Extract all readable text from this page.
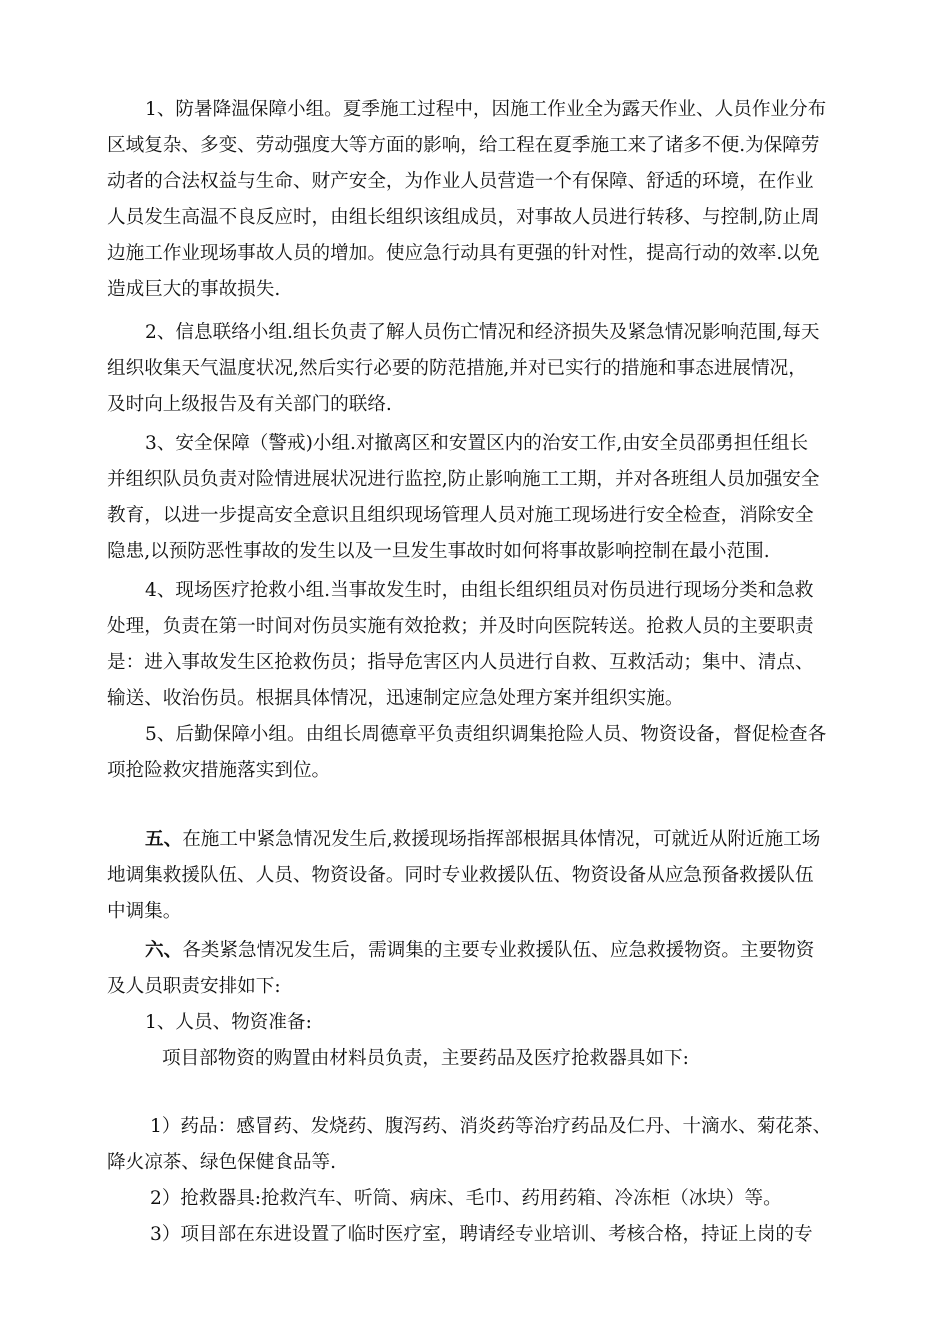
1、防暑降温保障小组。夏季施工过程中，因施工作业全为露天作业、人员作业分布
区域复杂、多变、劳动强度大等方面的影响，给工程在夏季施工来了诸多不便.为保障劳
动者的合法权益与生命、财产安全，为作业人员营造一个有保障、舒适的环境，在作业
人员发生高温不良反应时，由组长组织该组成员，对事故人员进行转移、与控制,防止周
边施工作业现场事故人员的增加。使应急行动具有更强的针对性，提高行动的效率.以免
造成巨大的事故损失.
2、信息联络小组.组长负责了解人员伤亡情况和经济损失及紧急情况影响范围,每天
组织收集天气温度状况,然后实行必要的防范措施,并对已实行的措施和事态进展情况，
及时向上级报告及有关部门的联络.
3、安全保障（警戒)小组.对撤离区和安置区内的治安工作,由安全员邵勇担任组长
并组织队员负责对险情进展状况进行监控,防止影响施工工期，并对各班组人员加强安全
教育，以进一步提高安全意识且组织现场管理人员对施工现场进行安全检查，消除安全
隐患,以预防恶性事故的发生以及一旦发生事故时如何将事故影响控制在最小范围.
4、现场医疗抢救小组.当事故发生时，由组长组织组员对伤员进行现场分类和急救
处理，负责在第一时间对伤员实施有效抢救；并及时向医院转送。抢救人员的主要职责
是：进入事故发生区抢救伤员；指导危害区内人员进行自救、互救活动；集中、清点、
输送、收治伤员。根据具体情况，迅速制定应急处理方案并组织实施。
5、后勤保障小组。由组长周德章平负责组织调集抢险人员、物资设备，督促检查各
项抢险救灾措施落实到位。
五、在施工中紧急情况发生后,救援现场指挥部根据具体情况，可就近从附近施工场
地调集救援队伍、人员、物资设备。同时专业救援队伍、物资设备从应急预备救援队伍
中调集。
六、各类紧急情况发生后，需调集的主要专业救援队伍、应急救援物资。主要物资
及人员职责安排如下:
1、人员、物资准备:
项目部物资的购置由材料员负责，主要药品及医疗抢救器具如下:
1）药品：感冒药、发烧药、腹泻药、消炎药等治疗药品及仁丹、十滴水、菊花茶、
降火凉茶、绿色保健食品等.
2）抢救器具:抢救汽车、听筒、病床、毛巾、药用药箱、冷冻柜（冰块）等。
3）项目部在东进设置了临时医疗室，聘请经专业培训、考核合格，持证上岗的专
